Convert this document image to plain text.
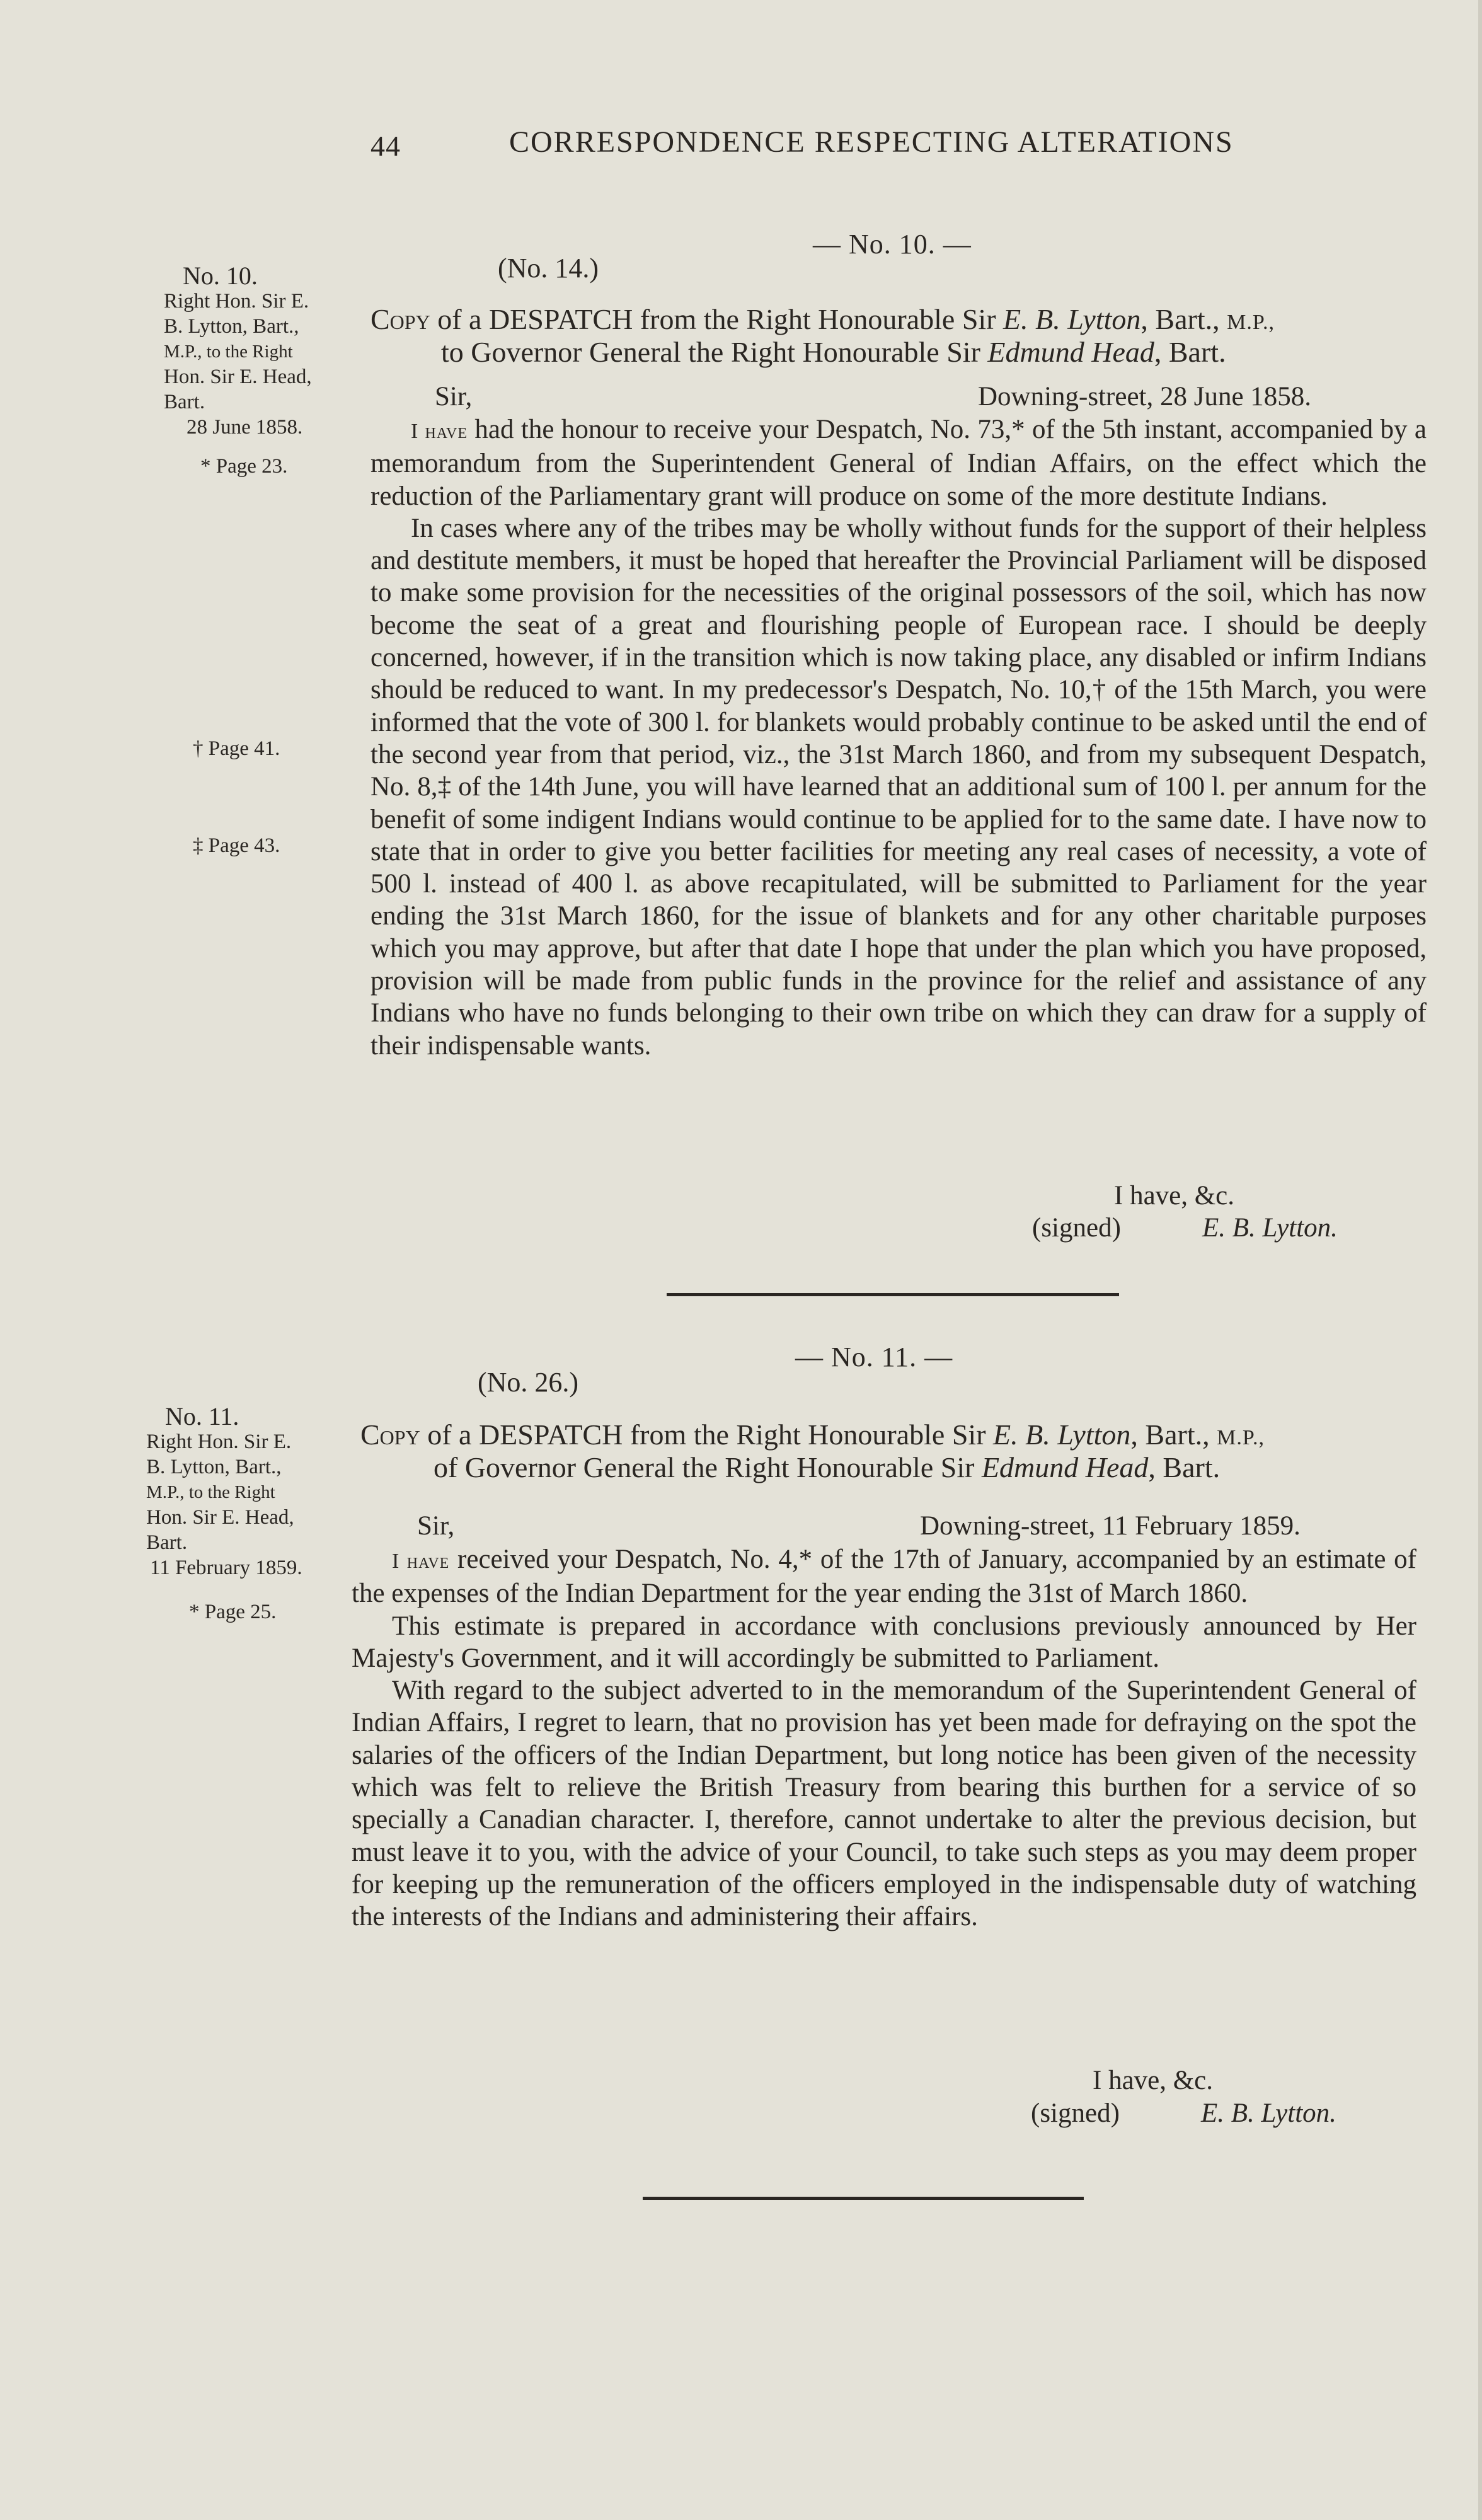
44	CORRESPONDENCE RESPECTING ALTERATIONS
— No. 10. —
(No. 14.)
No. 10.
Right Hon. Sir E.
B. Lytton, Bart.,
M.P., to the Right
Hon. Sir E. Head,
Bart.
28 June 1858.
* Page 23.
† Page 41.
‡ Page 43.
Copy of a DESPATCH from the Right Honourable Sir E. B. Lytton, Bart., M.P.,
to Governor General the Right Honourable Sir Edmund Head, Bart.
Sir,	Downing-street, 28 June 1858.

I have had the honour to receive your Despatch, No. 73,* of the 5th instant, accompanied by a memorandum from the Superintendent General of Indian Affairs, on the effect which the reduction of the Parliamentary grant will produce on some of the more destitute Indians.

In cases where any of the tribes may be wholly without funds for the support of their helpless and destitute members, it must be hoped that hereafter the Provincial Parliament will be disposed to make some provision for the necessities of the original possessors of the soil, which has now become the seat of a great and flourishing people of European race. I should be deeply concerned, however, if in the transition which is now taking place, any disabled or infirm Indians should be reduced to want. In my predecessor's Despatch, No. 10,† of the 15th March, you were informed that the vote of 300 l. for blankets would probably continue to be asked until the end of the second year from that period, viz., the 31st March 1860, and from my subsequent Despatch, No. 8,‡ of the 14th June, you will have learned that an additional sum of 100 l. per annum for the benefit of some indigent Indians would continue to be applied for to the same date. I have now to state that in order to give you better facilities for meeting any real cases of necessity, a vote of 500 l. instead of 400 l. as above recapitulated, will be submitted to Parliament for the year ending the 31st March 1860, for the issue of blankets and for any other charitable purposes which you may approve, but after that date I hope that under the plan which you have proposed, provision will be made from public funds in the province for the relief and assistance of any Indians who have no funds belonging to their own tribe on which they can draw for a supply of their indispensable wants.

I have, &c.
(signed)	E. B. Lytton.
— No. 11. —
(No. 26.)
No. 11.
Right Hon. Sir E.
B. Lytton, Bart.,
M.P., to the Right
Hon. Sir E. Head,
Bart.
11 February 1859.
* Page 25.
Copy of a DESPATCH from the Right Honourable Sir E. B. Lytton, Bart., M.P.,
of Governor General the Right Honourable Sir Edmund Head, Bart.
Sir,	Downing-street, 11 February 1859.

I have received your Despatch, No. 4,* of the 17th of January, accompanied by an estimate of the expenses of the Indian Department for the year ending the 31st of March 1860.

This estimate is prepared in accordance with conclusions previously announced by Her Majesty's Government, and it will accordingly be submitted to Parliament.

With regard to the subject adverted to in the memorandum of the Superintendent General of Indian Affairs, I regret to learn, that no provision has yet been made for defraying on the spot the salaries of the officers of the Indian Department, but long notice has been given of the necessity which was felt to relieve the British Treasury from bearing this burthen for a service of so specially a Canadian character. I, therefore, cannot undertake to alter the previous decision, but must leave it to you, with the advice of your Council, to take such steps as you may deem proper for keeping up the remuneration of the officers employed in the indispensable duty of watching the interests of the Indians and administering their affairs.

I have, &c.
(signed)	E. B. Lytton.
